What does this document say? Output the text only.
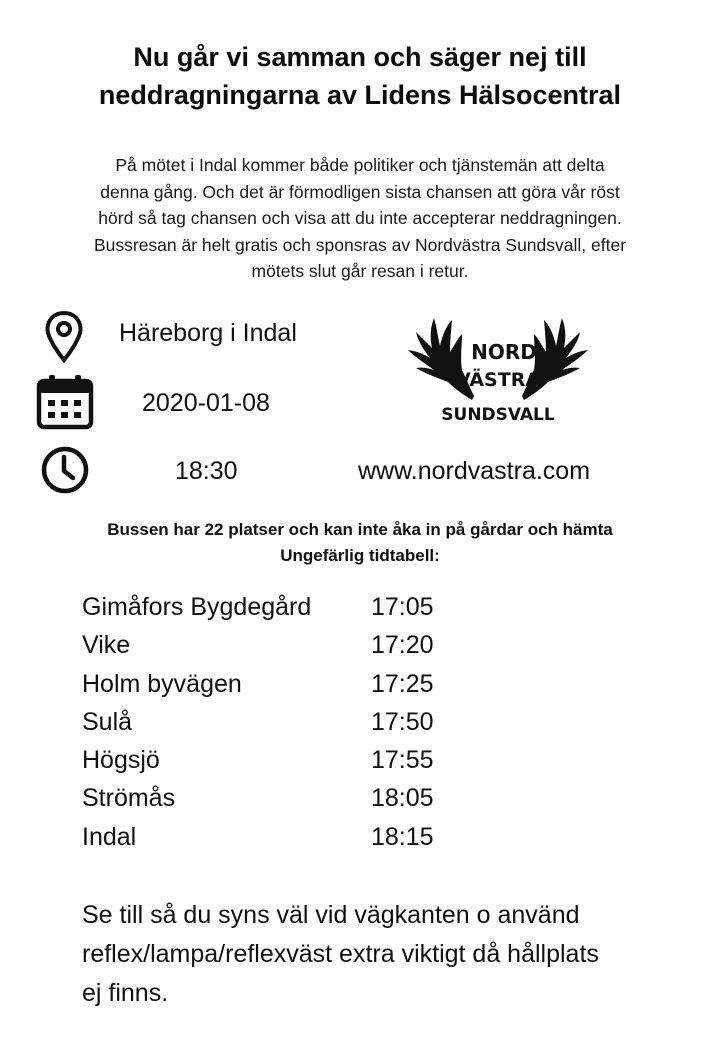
Nu går vi samman och säger nej till
neddragningarna av Lidens Hälsocentral
På mötet i Indal kommer både politiker och tjänstemän att delta
denna gång. Och det är förmodligen sista chansen att göra vår röst
hörd så tag chansen och visa att du inte accepterar neddragningen.
Bussresan är helt gratis och sponsras av Nordvästra Sundsvall, efter
mötets slut går resan i retur.
Häreborg i Indal
2020-01-08
18:30
NORD
VÄSTRA
SUNDSVALL
www.nordvastra.com
Bussen har 22 platser och kan inte åka in på gårdar och hämta
Ungefärlig tidtabell:
Gimåfors Bygdegård 17:05
Vike	17:20
Holm byvägen	17:25
Sulå	17:50
Högsjö	17:55
Strömås	18:05
Indal	18:15
Se till så du syns väl vid vägkanten o använd
reflex/lampa/reflexväst extra viktigt då hållplats
ej finns.
